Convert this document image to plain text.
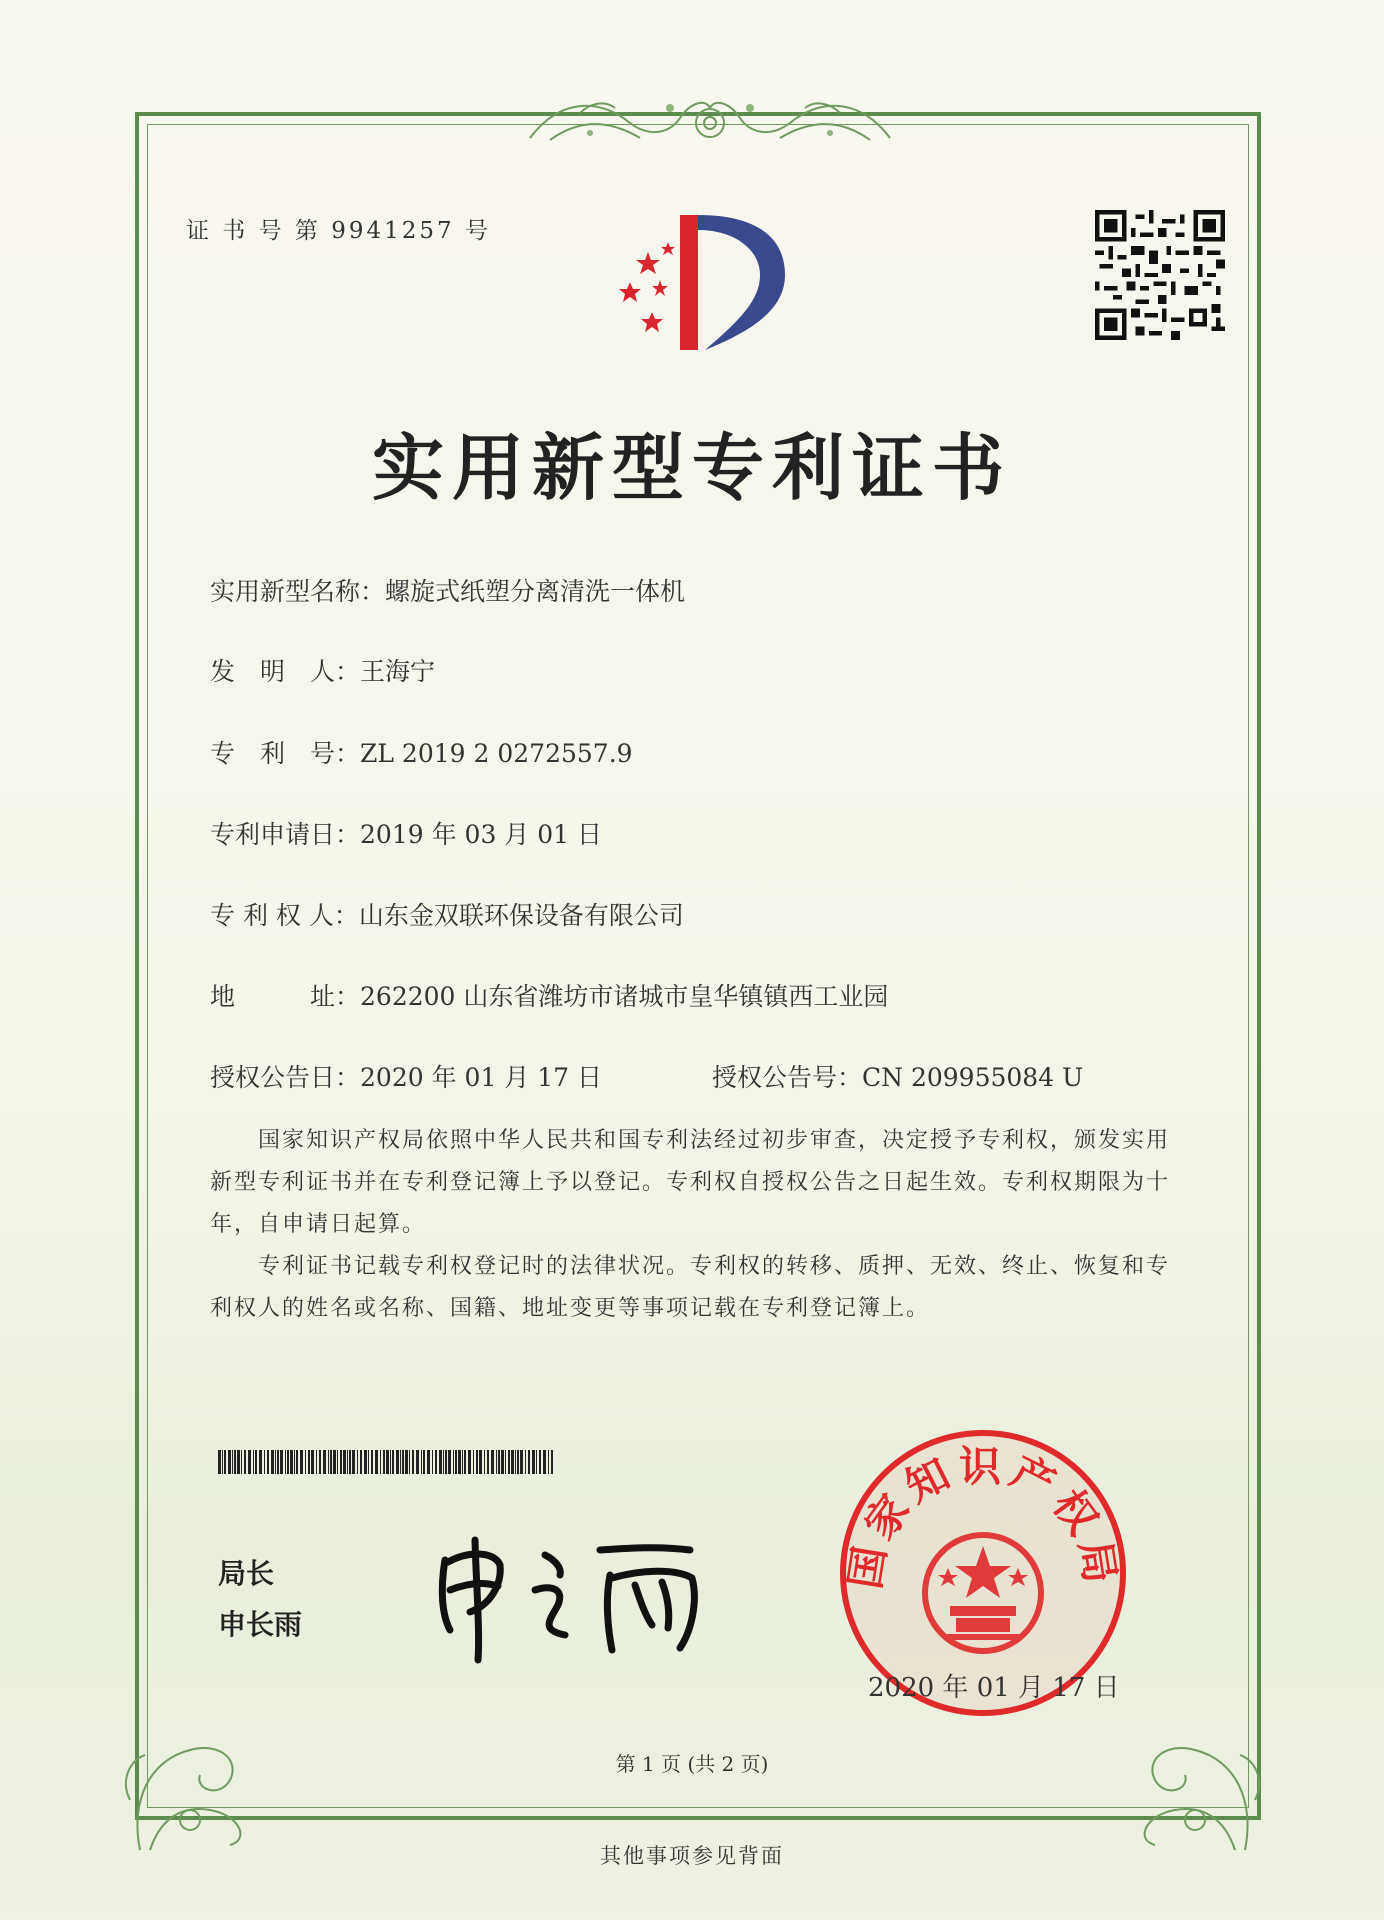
证 书 号 第 9941257 号
实用新型专利证书
实用新型名称：螺旋式纸塑分离清洗一体机
发　明　人：王海宁
专　利　号：ZL 2019 2 0272557.9
专利申请日：2019 年 03 月 01 日
专 利 权 人：山东金双联环保设备有限公司
地　　　址：262200 山东省潍坊市诸城市皇华镇镇西工业园
授权公告日：2020 年 01 月 17 日	授权公告号：CN 209955084 U
　　国家知识产权局依照中华人民共和国专利法经过初步审查，决定授予专利权，颁发实用
新型专利证书并在专利登记簿上予以登记。专利权自授权公告之日起生效。专利权期限为十
年，自申请日起算。
　　专利证书记载专利权登记时的法律状况。专利权的转移、质押、无效、终止、恢复和专
利权人的姓名或名称、国籍、地址变更等事项记载在专利登记簿上。
局长
申长雨
国家知识产权局
2020 年 01 月 17 日
第 1 页 (共 2 页)
其他事项参见背面
